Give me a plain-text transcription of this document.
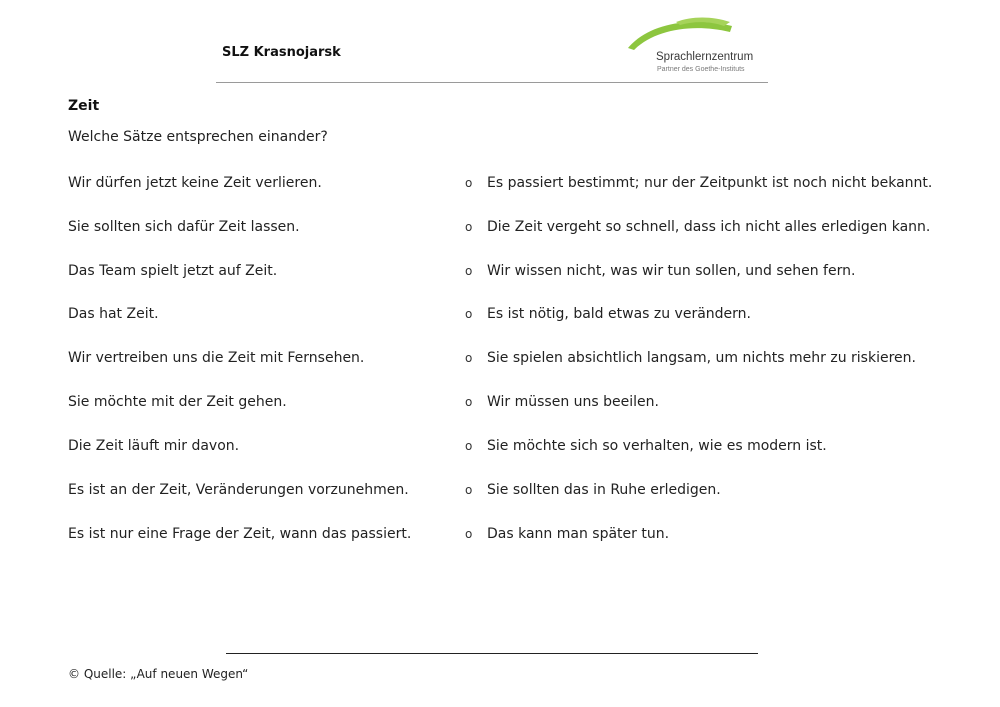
SLZ Krasnojarsk	Sprachlernzentrum
Partner des Goethe-Instituts
Zeit
Welche Sätze entsprechen einander?
Wir dürfen jetzt keine Zeit verlieren.
Sie sollten sich dafür Zeit lassen.
Das Team spielt jetzt auf Zeit.
Das hat Zeit.
Wir vertreiben uns die Zeit mit Fernsehen.
Sie möchte mit der Zeit gehen.
Die Zeit läuft mir davon.
Es ist an der Zeit, Veränderungen vorzunehmen.
Es ist nur eine Frage der Zeit, wann das passiert.
o Es passiert bestimmt; nur der Zeitpunkt ist noch nicht bekannt.
o Die Zeit vergeht so schnell, dass ich nicht alles erledigen kann.
o Wir wissen nicht, was wir tun sollen, und sehen fern.
o Es ist nötig, bald etwas zu verändern.
o Sie spielen absichtlich langsam, um nichts mehr zu riskieren.
o Wir müssen uns beeilen.
o Sie möchte sich so verhalten, wie es modern ist.
o Sie sollten das in Ruhe erledigen.
o Das kann man später tun.
© Quelle: „Auf neuen Wegen“
